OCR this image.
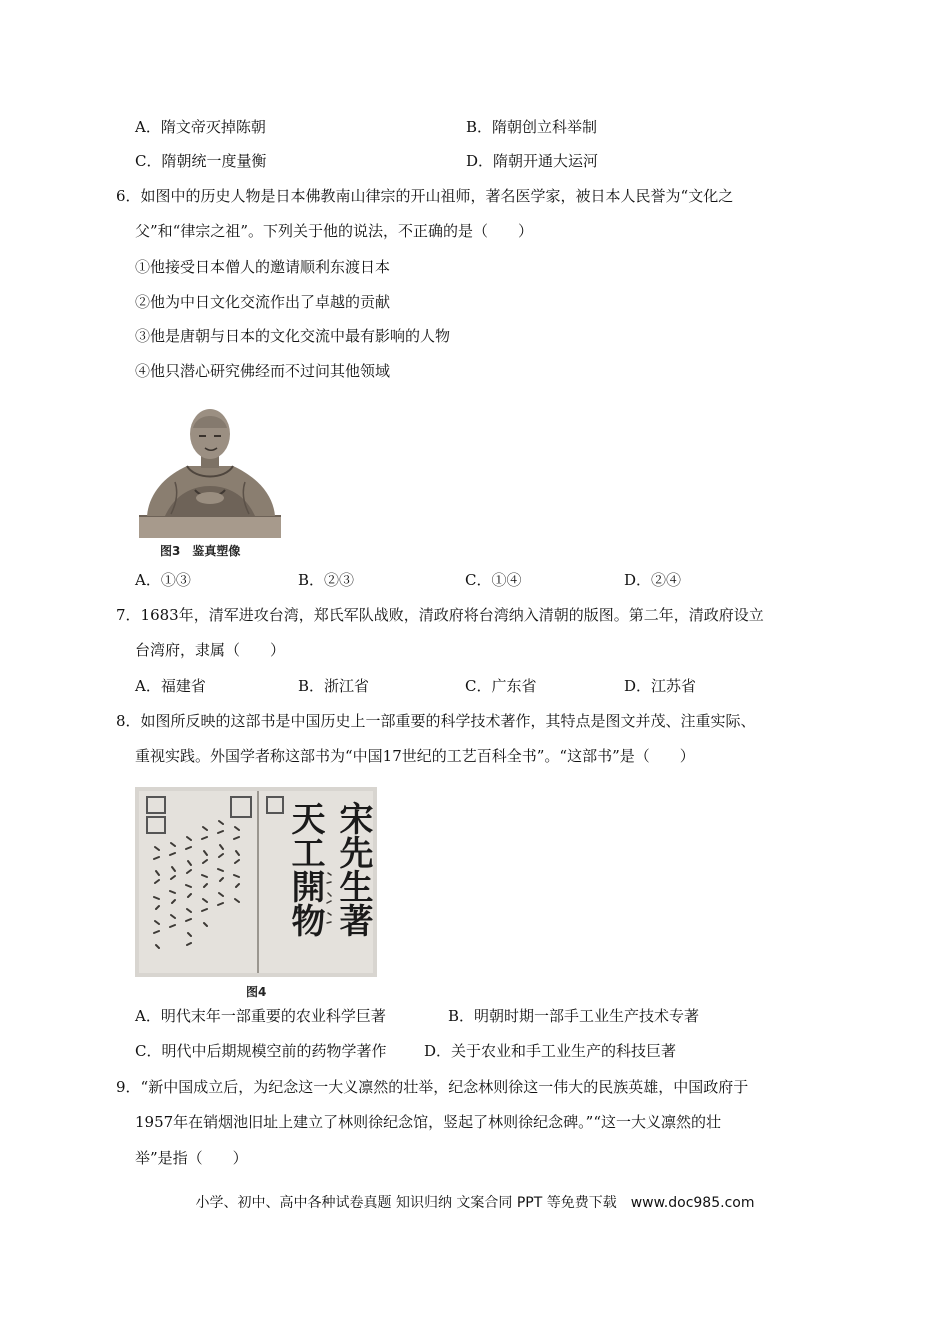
A．隋文帝灭掉陈朝	B．隋朝创立科举制
C．隋朝统一度量衡	D．隋朝开通大运河
6．如图中的历史人物是日本佛教南山律宗的开山祖师，著名医学家，被日本人民誉为“文化之
父”和“律宗之祖”。下列关于他的说法，不正确的是（　　）
①他接受日本僧人的邀请顺利东渡日本
②他为中日文化交流作出了卓越的贡献
③他是唐朝与日本的文化交流中最有影响的人物
④他只潜心研究佛经而不过问其他领域
图3　鉴真塑像
A．①③	B．②③	C．①④	D．②④
7．1683年，清军进攻台湾，郑氏军队战败，清政府将台湾纳入清朝的版图。第二年，清政府设立
台湾府，隶属（　　）
A．福建省	B．浙江省	C．广东省	D．江苏省
8．如图所反映的这部书是中国历史上一部重要的科学技术著作，其特点是图文并茂、注重实际、
重视实践。外国学者称这部书为“中国17世纪的工艺百科全书”。“这部书”是（　　）
天工開物 宋先生著
图4
A．明代末年一部重要的农业科学巨著	B．明朝时期一部手工业生产技术专著
C．明代中后期规模空前的药物学著作	D．关于农业和手工业生产的科技巨著
9．“新中国成立后，为纪念这一大义凛然的壮举，纪念林则徐这一伟大的民族英雄，中国政府于
1957年在销烟池旧址上建立了林则徐纪念馆，竖起了林则徐纪念碑。”“这一大义凛然的壮
举”是指（　　）
小学、初中、高中各种试卷真题 知识归纳 文案合同 PPT 等免费下载　www.doc985.com
